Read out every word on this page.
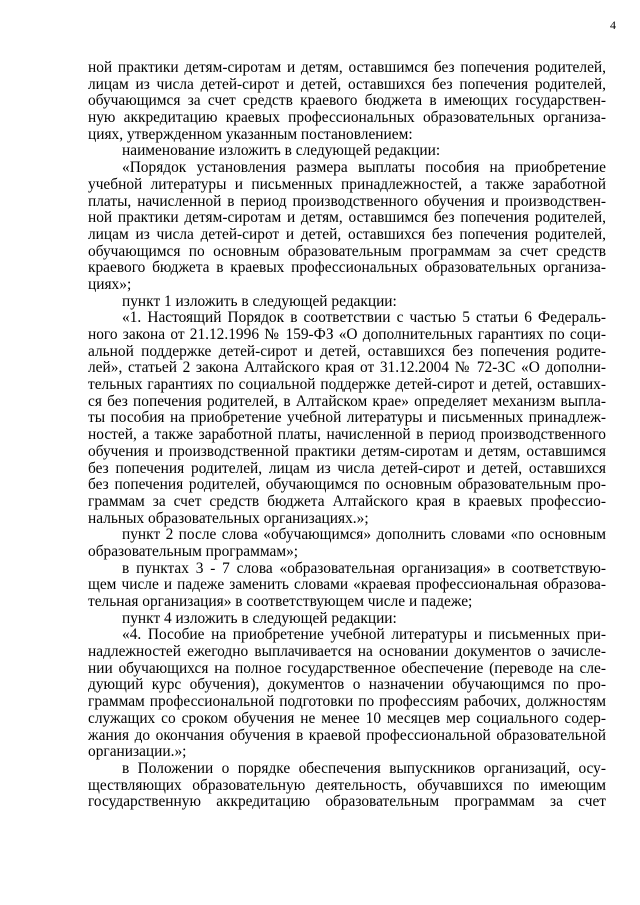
4
ной практики детям-сиротам и детям, оставшимся без попечения родителей,
лицам из числа детей-сирот и детей, оставшихся без попечения родителей,
обучающимся за счет средств краевого бюджета в имеющих государствен-
ную аккредитацию краевых профессиональных образовательных организа-
циях, утвержденном указанным постановлением:
наименование изложить в следующей редакции:
«Порядок установления размера выплаты пособия на приобретение
учебной литературы и письменных принадлежностей, а также заработной
платы, начисленной в период производственного обучения и производствен-
ной практики детям-сиротам и детям, оставшимся без попечения родителей,
лицам из числа детей-сирот и детей, оставшихся без попечения родителей,
обучающимся по основным образовательным программам за счет средств
краевого бюджета в краевых профессиональных образовательных организа-
циях»;
пункт 1 изложить в следующей редакции:
«1. Настоящий Порядок в соответствии с частью 5 статьи 6 Федераль-
ного закона от 21.12.1996 № 159-ФЗ «О дополнительных гарантиях по соци-
альной поддержке детей-сирот и детей, оставшихся без попечения родите-
лей», статьей 2 закона Алтайского края от 31.12.2004 № 72-ЗС «О дополни-
тельных гарантиях по социальной поддержке детей-сирот и детей, оставших-
ся без попечения родителей, в Алтайском крае» определяет механизм выпла-
ты пособия на приобретение учебной литературы и письменных принадлеж-
ностей, а также заработной платы, начисленной в период производственного
обучения и производственной практики детям-сиротам и детям, оставшимся
без попечения родителей, лицам из числа детей-сирот и детей, оставшихся
без попечения родителей, обучающимся по основным образовательным про-
граммам за счет средств бюджета Алтайского края в краевых профессио-
нальных образовательных организациях.»;
пункт 2 после слова «обучающимся» дополнить словами «по основным
образовательным программам»;
в пунктах 3 - 7 слова «образовательная организация» в соответствую-
щем числе и падеже заменить словами «краевая профессиональная образова-
тельная организация» в соответствующем числе и падеже;
пункт 4 изложить в следующей редакции:
«4. Пособие на приобретение учебной литературы и письменных при-
надлежностей ежегодно выплачивается на основании документов о зачисле-
нии обучающихся на полное государственное обеспечение (переводе на сле-
дующий курс обучения), документов о назначении обучающимся по про-
граммам профессиональной подготовки по профессиям рабочих, должностям
служащих со сроком обучения не менее 10 месяцев мер социального содер-
жания до окончания обучения в краевой профессиональной образовательной
организации.»;
в Положении о порядке обеспечения выпускников организаций, осу-
ществляющих образовательную деятельность, обучавшихся по имеющим
государственную аккредитацию образовательным программам за счет
